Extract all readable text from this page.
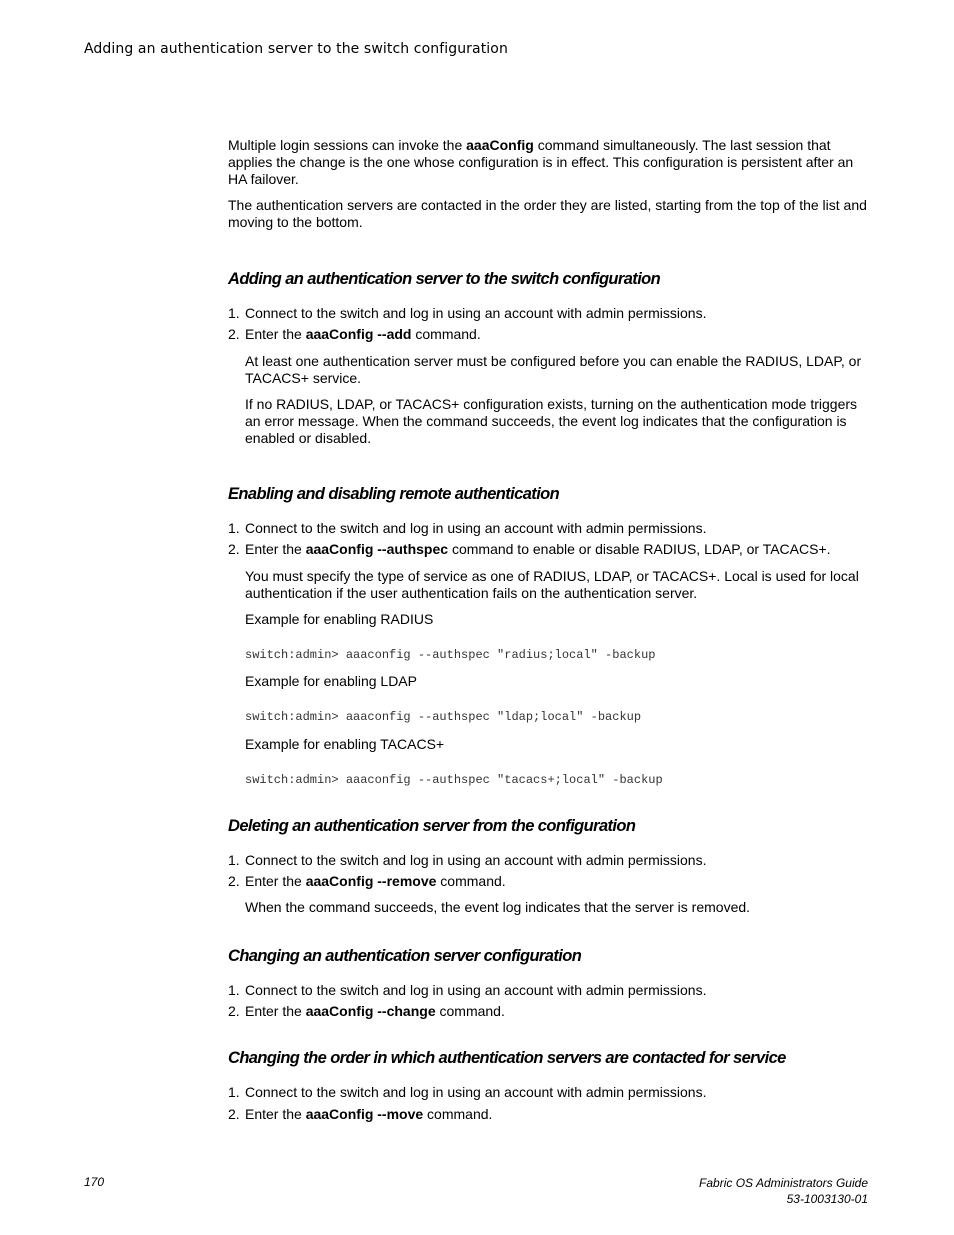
Adding an authentication server to the switch configuration

Multiple login sessions can invoke the aaaConfig command simultaneously. The last session that applies the change is the one whose configuration is in effect. This configuration is persistent after an HA failover.

The authentication servers are contacted in the order they are listed, starting from the top of the list and moving to the bottom.

Adding an authentication server to the switch configuration
1. Connect to the switch and log in using an account with admin permissions.
2. Enter the aaaConfig --add command.

At least one authentication server must be configured before you can enable the RADIUS, LDAP, or TACACS+ service.

If no RADIUS, LDAP, or TACACS+ configuration exists, turning on the authentication mode triggers an error message. When the command succeeds, the event log indicates that the configuration is enabled or disabled.

Enabling and disabling remote authentication
1. Connect to the switch and log in using an account with admin permissions.
2. Enter the aaaConfig --authspec command to enable or disable RADIUS, LDAP, or TACACS+.

You must specify the type of service as one of RADIUS, LDAP, or TACACS+. Local is used for local authentication if the user authentication fails on the authentication server.

Example for enabling RADIUS

switch:admin> aaaconfig --authspec "radius;local" -backup

Example for enabling LDAP

switch:admin> aaaconfig --authspec "ldap;local" -backup

Example for enabling TACACS+

switch:admin> aaaconfig --authspec "tacacs+;local" -backup
Deleting an authentication server from the configuration
1. Connect to the switch and log in using an account with admin permissions.
2. Enter the aaaConfig --remove command.

When the command succeeds, the event log indicates that the server is removed.

Changing an authentication server configuration
1. Connect to the switch and log in using an account with admin permissions.
2. Enter the aaaConfig --change command.
Changing the order in which authentication servers are contacted for service
1. Connect to the switch and log in using an account with admin permissions.
2. Enter the aaaConfig --move command.
170	Fabric OS Administrators Guide
53-1003130-01
